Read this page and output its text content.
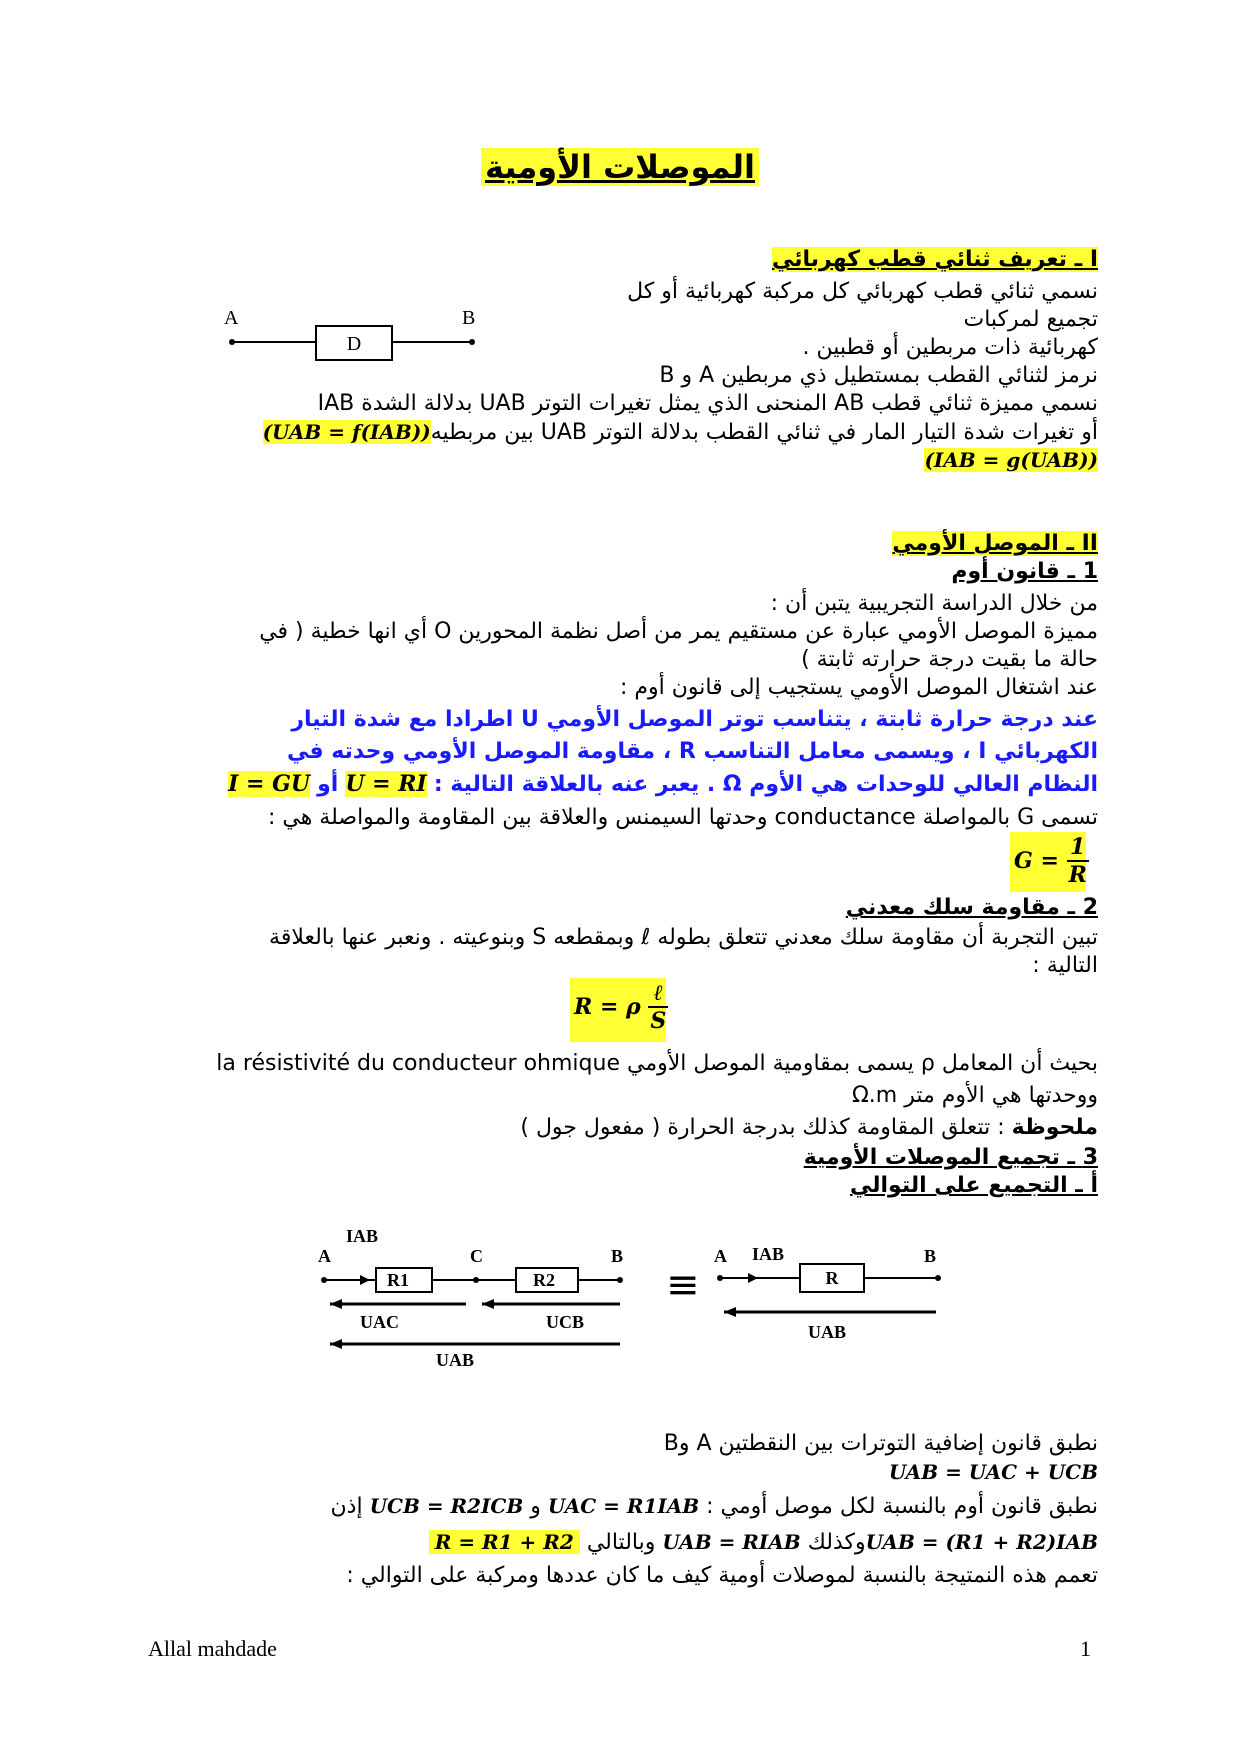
الموصلات الأومية
I ـ تعريف ثنائي قطب كهربائي
نسمي ثنائي قطب كهربائي كل مركبة كهربائية أو كل
تجميع لمركبات
كهربائية ذات مربطين أو قطبين .
نرمز لثنائي القطب بمستطيل ذي مربطين A و B
نسمي مميزة ثنائي قطب AB المنحنى الذي يمثل تغيرات التوتر UAB بدلالة الشدة IAB
أو تغيرات شدة التيار المار في ثنائي القطب بدلالة التوتر UAB بين مربطيه(UAB = f(IAB))
(IAB = g(UAB))
A	B
D
II ـ الموصل الأومي
1 ـ قانون أوم
من خلال الدراسة التجريبية يتبن أن :
مميزة الموصل الأومي عبارة عن مستقيم يمر من أصل نظمة المحورين O أي انها خطية ( في
حالة ما بقيت درجة حرارته ثابتة )
عند اشتغال الموصل الأومي يستجيب إلى قانون أوم :
عند درجة حرارة ثابتة ، يتناسب توتر الموصل الأومي U اطرادا مع شدة التيار
الكهربائي I ، ويسمى معامل التناسب R ، مقاومة الموصل الأومي وحدته في
النظام العالي للوحدات هي الأوم Ω . يعبر عنه بالعلاقة التالية : U = RI أو I = GU
تسمى G بالمواصلة conductance وحدتها السيمنس والعلاقة بين المقاومة والمواصلة هي :
$G = \frac{1}{R}$
2 ـ مقاومة سلك معدني
تبين التجربة أن مقاومة سلك معدني تتعلق بطوله ℓ وبمقطعه S وبنوعيته . ونعبر عنها بالعلاقة
التالية :
R = ρ $\frac{\text{ℓ}}{S}$
بحيث أن المعامل ρ يسمى بمقاومية الموصل الأومي la résistivité du conducteur ohmique
ووحدتها هي الأوم متر Ω.m
ملحوظة : تتعلق المقاومة كذلك بدرجة الحرارة ( مفعول جول )
3 ـ تجميع الموصلات الأومية
أ ـ التجميع على التوالي
IAB
A	C	B
UAC	UCB
UAB
R1	R2	≡
A IAB	B
UAB
R
نطبق قانون إضافية التوترات بين النقطتين A وB
UAB = UAC + UCB
نطبق قانون أوم بالنسبة لكل موصل أومي : UAC = R1IAB و UCB = R2ICB إذن
UAB = (R1 + R2)IABوكذلك UAB = RIAB وبالتالي R = R1 + R2
تعمم هذه النمتيجة بالنسبة لموصلات أومية كيف ما كان عددها ومركبة على التوالي :
Allal mahdade	1
